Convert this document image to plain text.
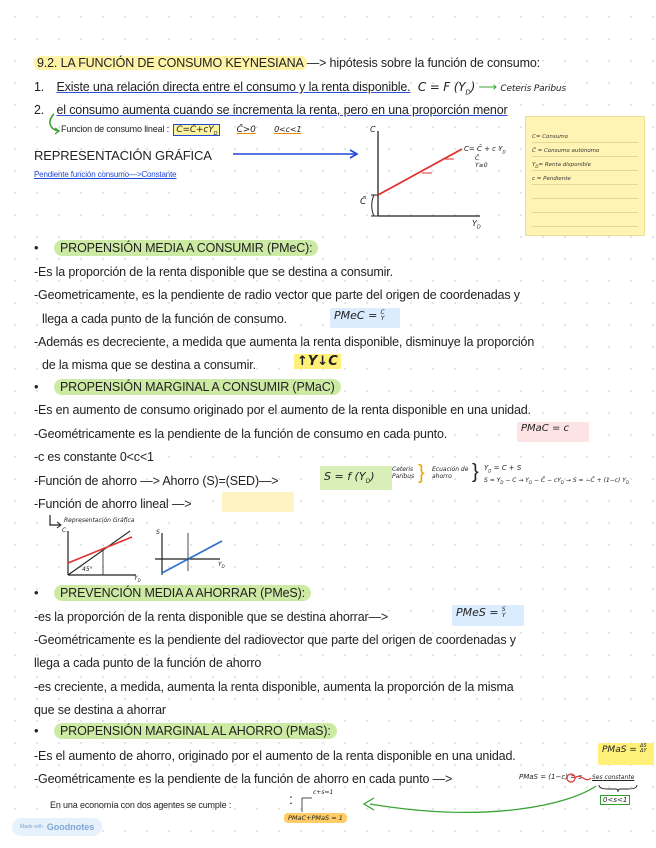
9.2. LA FUNCIÓN DE CONSUMO KEYNESIANA —> hipótesis sobre la función de consumo:
1. Existe una relación directa entre el consumo y la renta disponible. C = F $(Y_D)$ ⟶ Ceteris Paribus
2. el consumo aumenta cuando se incrementa la renta, pero en una proporción menor
Funcion de consumo lineal : $C=C̄+cY_D$ C̄>0 0<c<1
REPRESENTACIÓN GRÁFICA
Pendiente función consumo—>Constante
C
$Y_D$
C̄
C= C̄ + c $Y_D$
C̄
Y≥0
C= Consumo
C̄ = Consumo autónomo
$Y_D=$ Renta disponible
c = Pendiente
•	PROPENSIÓN MEDIA A CONSUMIR (PMeC):
-Es la proporción de la renta disponible que se destina a consumir.
-Geometricamente, es la pendiente de radio vector que parte del origen de coordenadas y
llega a cada punto de la función de consumo.	PMeC = C
Y
-Además es decreciente, a medida que aumenta la renta disponible, disminuye la proporción
de la misma que se destina a consumir.	↑Y↓C
•	PROPENSIÓN MARGINAL A CONSUMIR (PMaC)
-Es en aumento de consumo originado por el aumento de la renta disponible en una unidad.
-Geométricamente es la pendiente de la función de consumo en cada punto.	PMaC = c
-c es constante 0<c<1
-Función de ahorro —> Ahorro (S)=(SED)—>	S = f $(Y_D)$
Ceteris Paribus } Ecuación de ahorro	} $Y_D = C + S$
$S = Y_D - C \to Y_D$ − C̄ − $cY_D \to S$ = −C̄ + (1−c) $Y_D$
-Función de ahorro lineal —>
Representación Gráfica
C	S
45°
$Y_D$
$Y_D$
•	PREVENCIÓN MEDIA A AHORRAR (PMeS):
-es la proporción de la renta disponible que se destina ahorrar—>	PMeS = S
Y
-Geométricamente es la pendiente del radiovector que parte del origen de coordenadas y
llega a cada punto de la función de ahorro
-es creciente, a medida, aumenta la renta disponible, aumenta la proporción de la misma
que se destina a ahorrar
•	PROPENSIÓN MARGINAL AL AHORRO (PMaS):
-Es el aumento de ahorro, originado por el aumento de la renta disponible en una unidad.	PMaS = ΔS
ΔY
-Geométricamente es la pendiente de la función de ahorro en cada punto —>	PMaS = (1−c) = s Ses constante
0<s<1
En una economía con dos agentes se cumple :	:	c+s=1
PMaC+PMaS = 1
Made with Goodnotes
